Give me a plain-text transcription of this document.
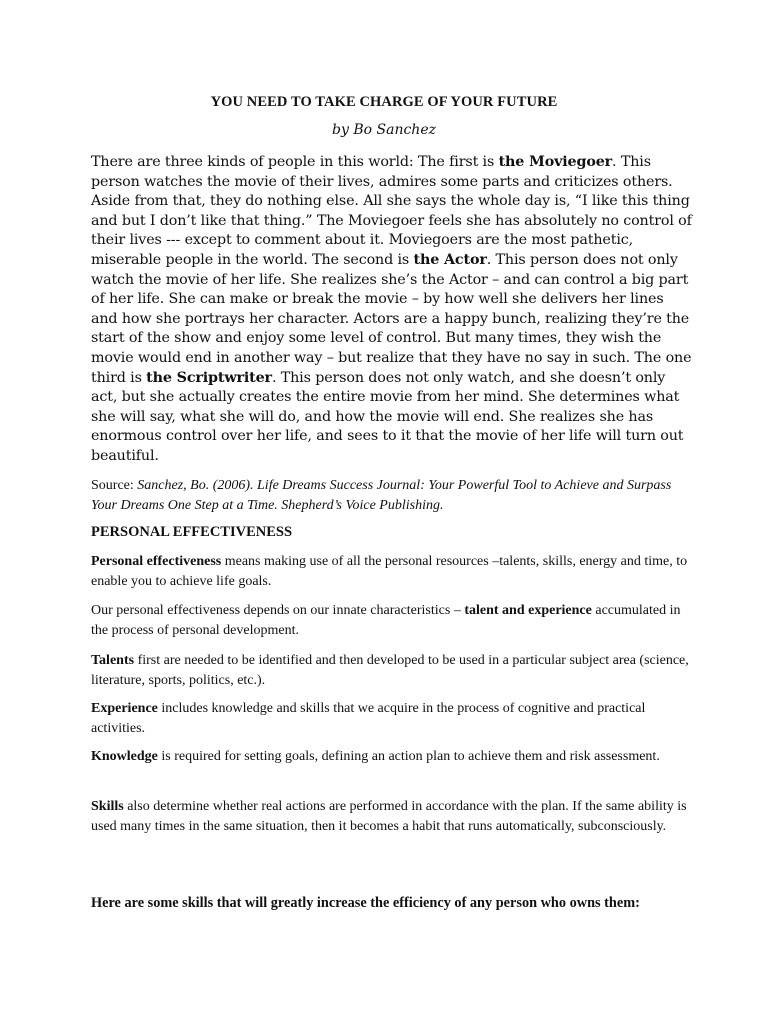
YOU NEED TO TAKE CHARGE OF YOUR FUTURE
by Bo Sanchez

There are three kinds of people in this world: The first is the Moviegoer. This person watches the movie of their lives, admires some parts and criticizes others. Aside from that, they do nothing else. All she says the whole day is, “I like this thing and but I don’t like that thing.” The Moviegoer feels she has absolutely no control of their lives --- except to comment about it. Moviegoers are the most pathetic, miserable people in the world. The second is the Actor. This person does not only watch the movie of her life. She realizes she’s the Actor – and can control a big part of her life. She can make or break the movie – by how well she delivers her lines and how she portrays her character. Actors are a happy bunch, realizing they’re the start of the show and enjoy some level of control. But many times, they wish the movie would end in another way – but realize that they have no say in such. The one third is the Scriptwriter. This person does not only watch, and she doesn’t only act, but she actually creates the entire movie from her mind. She determines what she will say, what she will do, and how the movie will end. She realizes she has enormous control over her life, and sees to it that the movie of her life will turn out beautiful.

Source: Sanchez, Bo. (2006). Life Dreams Success Journal: Your Powerful Tool to Achieve and Surpass Your Dreams One Step at a Time. Shepherd’s Voice Publishing.

PERSONAL EFFECTIVENESS

Personal effectiveness means making use of all the personal resources –talents, skills, energy and time, to enable you to achieve life goals.

Our personal effectiveness depends on our innate characteristics – talent and experience accumulated in the process of personal development.

Talents first are needed to be identified and then developed to be used in a particular subject area (science, literature, sports, politics, etc.).

Experience includes knowledge and skills that we acquire in the process of cognitive and practical activities.

Knowledge is required for setting goals, defining an action plan to achieve them and risk assessment.

Skills also determine whether real actions are performed in accordance with the plan. If the same ability is used many times in the same situation, then it becomes a habit that runs automatically, subconsciously.

Here are some skills that will greatly increase the efficiency of any person who owns them:
